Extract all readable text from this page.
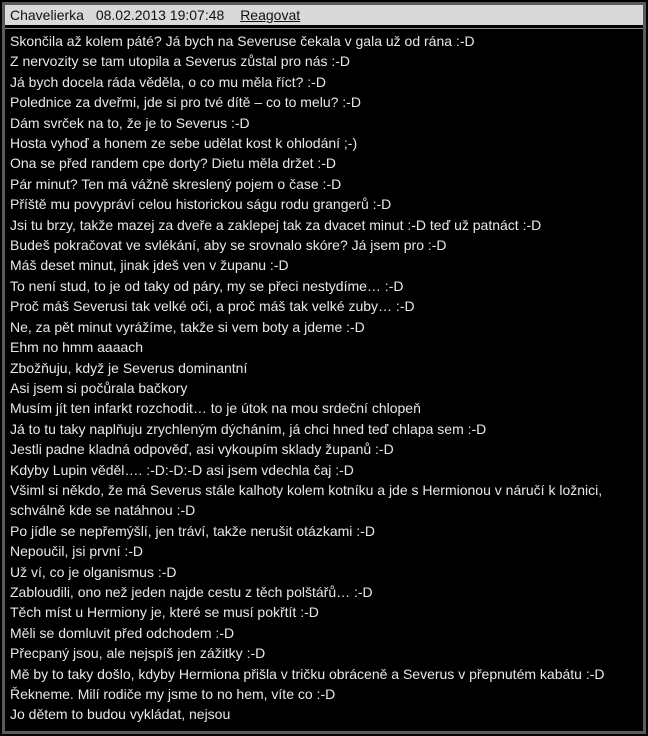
Chavelierka 08.02.2013 19:07:48 Reagovat

Skončila až kolem páté? Já bych na Severuse čekala v gala už od rána :-D

Z nervozity se tam utopila a Severus zůstal pro nás :-D

Já bych docela ráda věděla, o co mu měla říct? :-D

Polednice za dveřmi, jde si pro tvé dítě – co to melu? :-D

Dám svrček na to, že je to Severus :-D

Hosta vyhoď a honem ze sebe udělat kost k ohlodání ;-)

Ona se před randem cpe dorty? Dietu měla držet :-D

Pár minut? Ten má vážně skreslený pojem o čase :-D

Příště mu povypráví celou historickou ságu rodu grangerů :-D

Jsi tu brzy, takže mazej za dveře a zaklepej tak za dvacet minut :-D teď už patnáct :-D

Budeš pokračovat ve svlékání, aby se srovnalo skóre? Já jsem pro :-D

Máš deset minut, jinak jdeš ven v županu :-D

To není stud, to je od taky od páry, my se přeci nestydíme… :-D

Proč máš Severusi tak velké oči, a proč máš tak velké zuby… :-D

Ne, za pět minut vyrážíme, takže si vem boty a jdeme :-D

Ehm no hmm aaaach

Zbožňuju, když je Severus dominantní

Asi jsem si počůrala bačkory

Musím jít ten infarkt rozchodit… to je útok na mou srdeční chlopeň

Já to tu taky naplňuju zrychleným dýcháním, já chci hned teď chlapa sem :-D

Jestli padne kladná odpověď, asi vykoupím sklady županů :-D

Kdyby Lupin věděl…. :-D:-D:-D asi jsem vdechla čaj :-D

Všiml si někdo, že má Severus stále kalhoty kolem kotníku a jde s Hermionou v náručí k ložnici, schválně kde se natáhnou :-D

Po jídle se nepřemýšlí, jen tráví, takže nerušit otázkami :-D

Nepoučil, jsi první :-D

Už ví, co je olganismus :-D

Zabloudili, ono než jeden najde cestu z těch polštářů… :-D

Těch míst u Hermiony je, které se musí pokřtít :-D

Měli se domluvit před odchodem :-D

Přecpaný jsou, ale nejspíš jen zážitky :-D

Mě by to taky došlo, kdyby Hermiona přišla v tričku obráceně a Severus v přepnutém kabátu :-D

Řekneme. Milí rodiče my jsme to no hem, víte co :-D

Jo dětem to budou vykládat, nejsou
